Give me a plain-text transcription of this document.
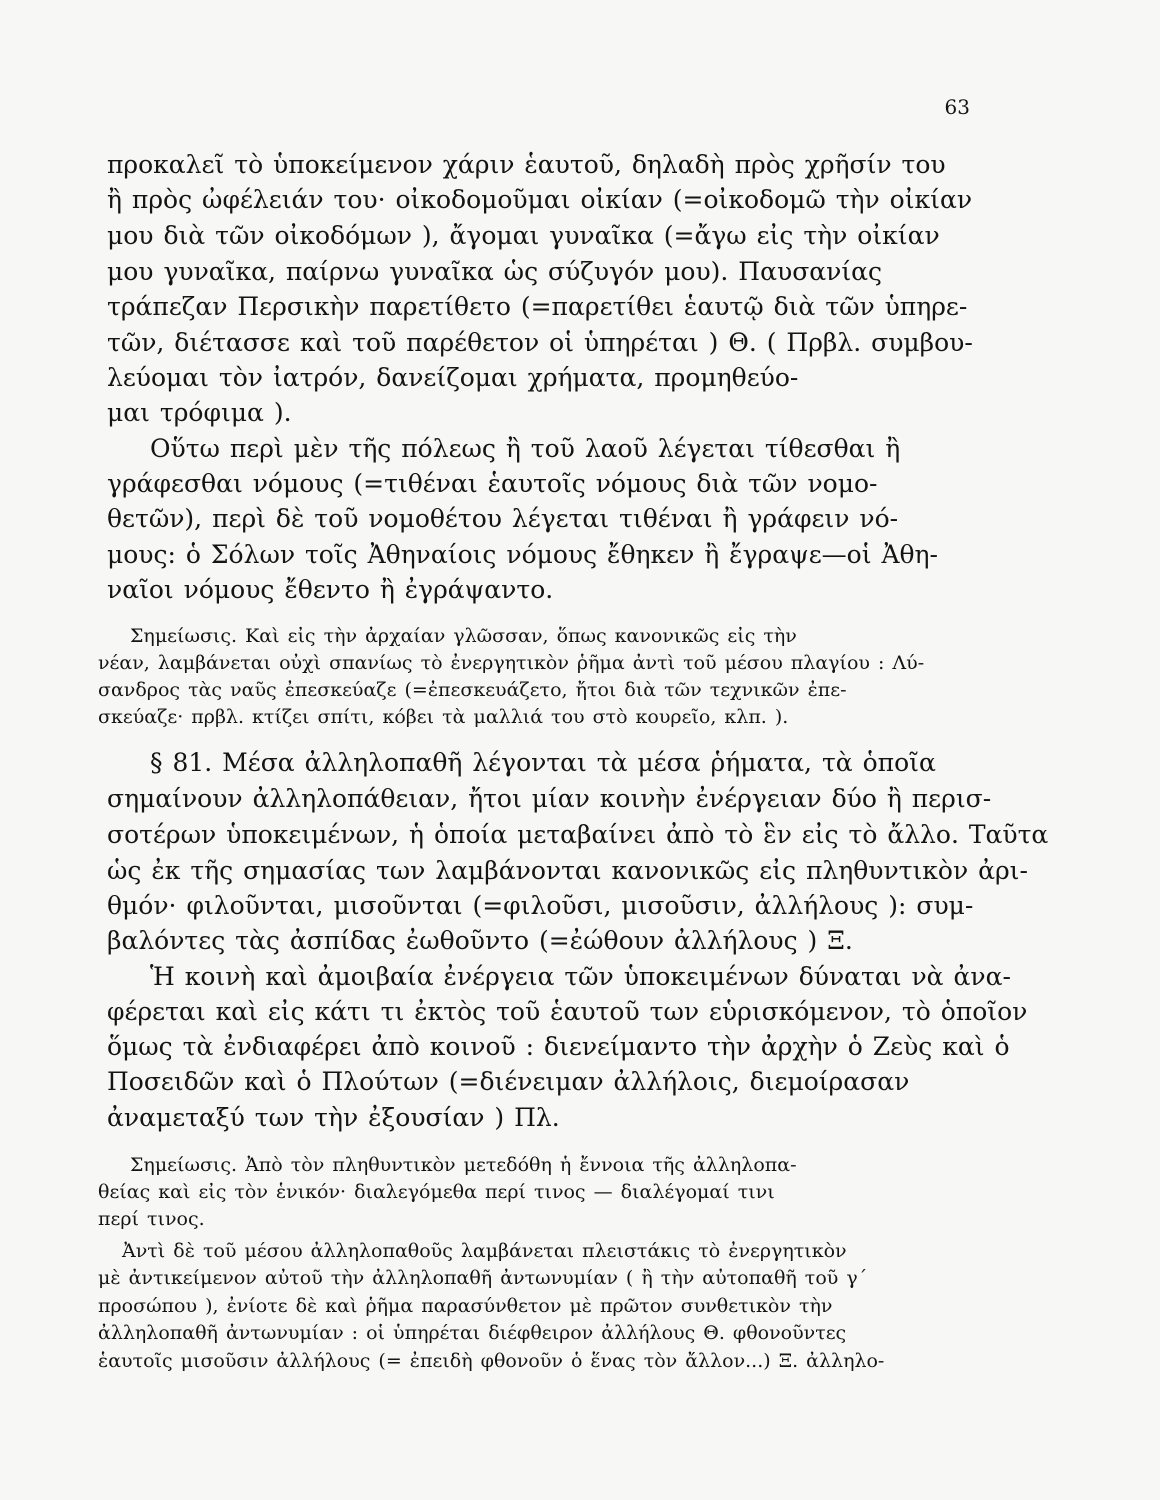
63
προκαλεῖ τὸ ὑποκείμενον χάριν ἑαυτοῦ, δηλαδὴ πρὸς χρῆσίν του
ἢ πρὸς ὠφέλειάν του· οἰκοδομοῦμαι οἰκίαν (=οἰκοδομῶ τὴν οἰκίαν
μου διὰ τῶν οἰκοδόμων ), ἄγομαι γυναῖκα (=ἄγω εἰς τὴν οἰκίαν
μου γυναῖκα, παίρνω γυναῖκα ὡς σύζυγόν μου). Παυσανίας
τράπεζαν Περσικὴν παρετίθετο (=παρετίθει ἑαυτῷ διὰ τῶν ὑπηρε-
τῶν, διέτασσε καὶ τοῦ παρέθετον οἱ ὑπηρέται ) Θ. ( Πρβλ. συμβου-
λεύομαι τὸν ἰατρόν, δανείζομαι χρήματα, προμηθεύο-
μαι τρόφιμα ).
Οὕτω περὶ μὲν τῆς πόλεως ἢ τοῦ λαοῦ λέγεται τίθεσθαι ἢ
γράφεσθαι νόμους (=τιθέναι ἑαυτοῖς νόμους διὰ τῶν νομο-
θετῶν), περὶ δὲ τοῦ νομοθέτου λέγεται τιθέναι ἢ γράφειν νό-
μους: ὁ Σόλων τοῖς Ἀθηναίοις νόμους ἔθηκεν ἢ ἔγραψε—οἱ Ἀθη-
ναῖοι νόμους ἔθεντο ἢ ἐγράψαντο.
Σημείωσις. Καὶ εἰς τὴν ἀρχαίαν γλῶσσαν, ὅπως κανονικῶς εἰς τὴν
νέαν, λαμβάνεται οὐχὶ σπανίως τὸ ἐνεργητικὸν ῥῆμα ἀντὶ τοῦ μέσου πλαγίου : Λύ-
σανδρος τὰς ναῦς ἐπεσκεύαζε (=ἐπεσκευάζετο, ἤτοι διὰ τῶν τεχνικῶν ἐπε-
σκεύαζε· πρβλ. κτίζει σπίτι, κόβει τὰ μαλλιά του στὸ κουρεῖο, κλπ. ).
§ 81. Μέσα ἀλληλοπαθῆ λέγονται τὰ μέσα ῥήματα, τὰ ὁποῖα
σημαίνουν ἀλληλοπάθειαν, ἤτοι μίαν κοινὴν ἐνέργειαν δύο ἢ περισ-
σοτέρων ὑποκειμένων, ἡ ὁποία μεταβαίνει ἀπὸ τὸ ἓν εἰς τὸ ἄλλο. Ταῦτα
ὡς ἐκ τῆς σημασίας των λαμβάνονται κανονικῶς εἰς πληθυντικὸν ἀρι-
θμόν· φιλοῦνται, μισοῦνται (=φιλοῦσι, μισοῦσιν, ἀλλήλους ): συμ-
βαλόντες τὰς ἀσπίδας ἐωθοῦντο (=ἐώθουν ἀλλήλους ) Ξ.
Ἡ κοινὴ καὶ ἀμοιβαία ἐνέργεια τῶν ὑποκειμένων δύναται νὰ ἀνα-
φέρεται καὶ εἰς κάτι τι ἐκτὸς τοῦ ἑαυτοῦ των εὑρισκόμενον, τὸ ὁποῖον
ὅμως τὰ ἐνδιαφέρει ἀπὸ κοινοῦ : διενείμαντο τὴν ἀρχὴν ὁ Ζεὺς καὶ ὁ
Ποσειδῶν καὶ ὁ Πλούτων (=διένειμαν ἀλλήλοις, διεμοίρασαν
ἀναμεταξύ των τὴν ἐξουσίαν ) Πλ.
Σημείωσις. Ἀπὸ τὸν πληθυντικὸν μετεδόθη ἡ ἔννοια τῆς ἀλληλοπα-
θείας καὶ εἰς τὸν ἑνικόν· διαλεγόμεθα περί τινος — διαλέγομαί τινι
περί τινος.
Ἀντὶ δὲ τοῦ μέσου ἀλληλοπαθοῦς λαμβάνεται πλειστάκις τὸ ἐνεργητικὸν
μὲ ἀντικείμενον αὐτοῦ τὴν ἀλληλοπαθῆ ἀντωνυμίαν ( ἢ τὴν αὐτοπαθῆ τοῦ γ΄
προσώπου ), ἐνίοτε δὲ καὶ ῥῆμα παρασύνθετον μὲ πρῶτον συνθετικὸν τὴν
ἀλληλοπαθῆ ἀντωνυμίαν : οἱ ὑπηρέται διέφθειρον ἀλλήλους Θ. φθονοῦντες
ἑαυτοῖς μισοῦσιν ἀλλήλους (= ἐπειδὴ φθονοῦν ὁ ἕνας τὸν ἄλλον...) Ξ. ἀλληλο-
